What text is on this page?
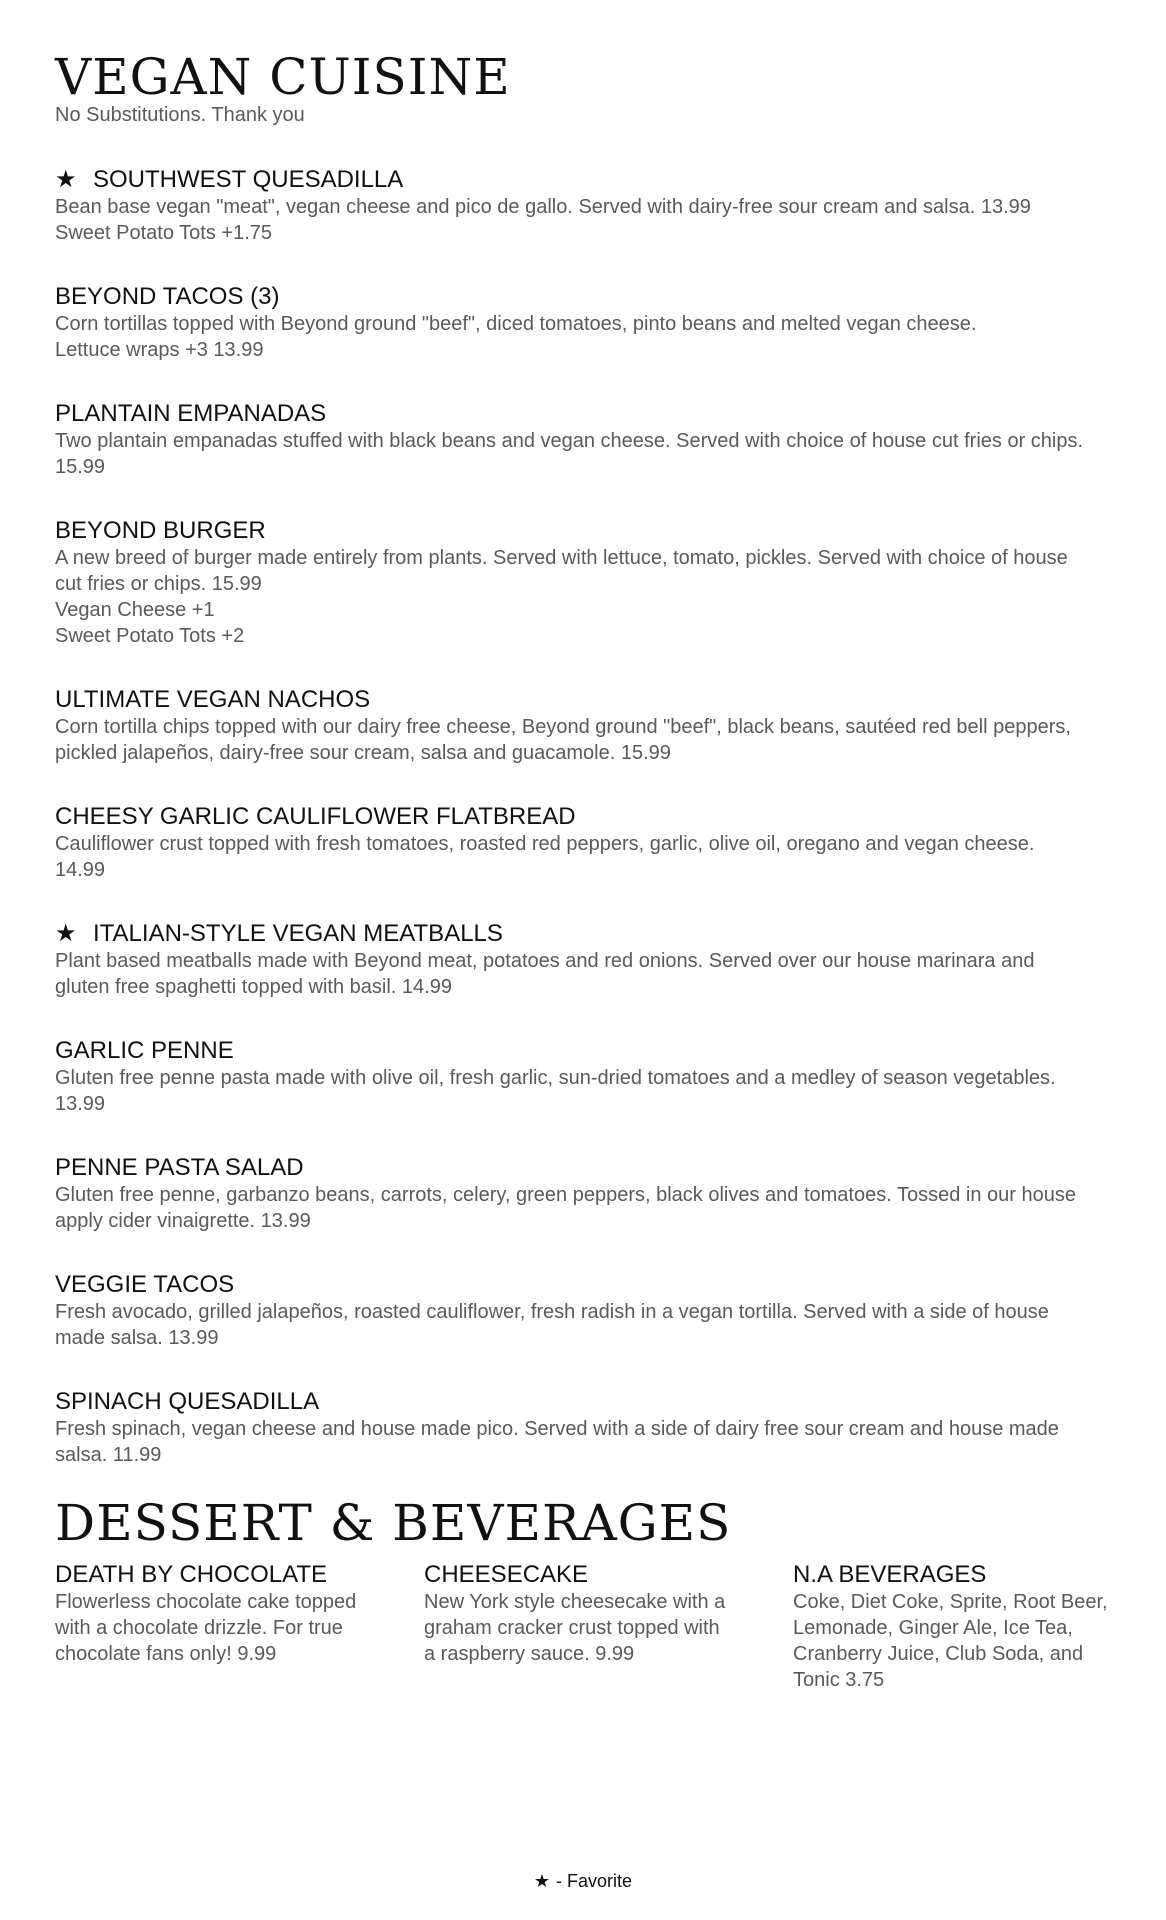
VEGAN CUISINE

No Substitutions. Thank you

★ SOUTHWEST QUESADILLA
Bean base vegan "meat", vegan cheese and pico de gallo. Served with dairy-free sour cream and salsa. 13.99
Sweet Potato Tots +1.75
BEYOND TACOS (3)
Corn tortillas topped with Beyond ground "beef", diced tomatoes, pinto beans and melted vegan cheese.
Lettuce wraps +3 13.99
PLANTAIN EMPANADAS
Two plantain empanadas stuffed with black beans and vegan cheese. Served with choice of house cut fries or chips.
15.99
BEYOND BURGER
A new breed of burger made entirely from plants. Served with lettuce, tomato, pickles. Served with choice of house
cut fries or chips. 15.99
Vegan Cheese +1
Sweet Potato Tots +2
ULTIMATE VEGAN NACHOS
Corn tortilla chips topped with our dairy free cheese, Beyond ground "beef", black beans, sautéed red bell peppers,
pickled jalapeños, dairy-free sour cream, salsa and guacamole. 15.99
CHEESY GARLIC CAULIFLOWER FLATBREAD
Cauliflower crust topped with fresh tomatoes, roasted red peppers, garlic, olive oil, oregano and vegan cheese.
14.99
★ ITALIAN-STYLE VEGAN MEATBALLS
Plant based meatballs made with Beyond meat, potatoes and red onions. Served over our house marinara and
gluten free spaghetti topped with basil. 14.99
GARLIC PENNE
Gluten free penne pasta made with olive oil, fresh garlic, sun-dried tomatoes and a medley of season vegetables.
13.99
PENNE PASTA SALAD
Gluten free penne, garbanzo beans, carrots, celery, green peppers, black olives and tomatoes. Tossed in our house
apply cider vinaigrette. 13.99
VEGGIE TACOS
Fresh avocado, grilled jalapeños, roasted cauliflower, fresh radish in a vegan tortilla. Served with a side of house
made salsa. 13.99
SPINACH QUESADILLA
Fresh spinach, vegan cheese and house made pico. Served with a side of dairy free sour cream and house made
salsa. 11.99
DESSERT & BEVERAGES
DEATH BY CHOCOLATE
Flowerless chocolate cake topped
with a chocolate drizzle. For true
chocolate fans only! 9.99
CHEESECAKE
New York style cheesecake with a
graham cracker crust topped with
a raspberry sauce. 9.99
N.A BEVERAGES
Coke, Diet Coke, Sprite, Root Beer,
Lemonade, Ginger Ale, Ice Tea,
Cranberry Juice, Club Soda, and
Tonic 3.75
★ - Favorite
